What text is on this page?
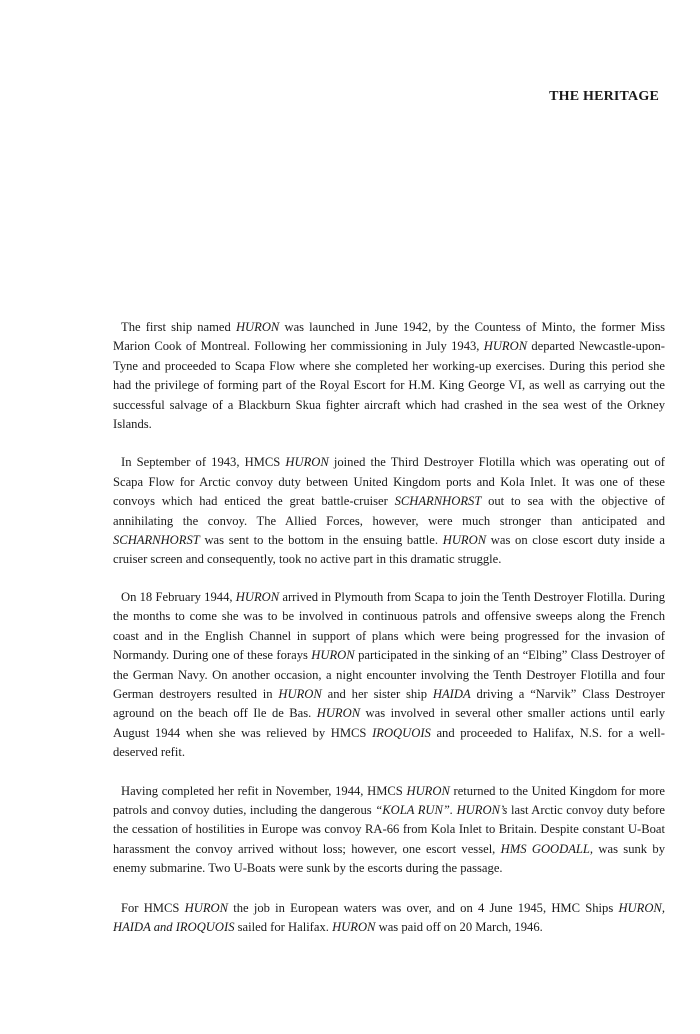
THE HERITAGE

The first ship named HURON was launched in June 1942, by the Countess of Minto, the former Miss Marion Cook of Montreal. Following her commissioning in July 1943, HURON departed Newcastle-upon-Tyne and proceeded to Scapa Flow where she completed her working-up exercises. During this period she had the privilege of forming part of the Royal Escort for H.M. King George VI, as well as carrying out the successful salvage of a Blackburn Skua fighter aircraft which had crashed in the sea west of the Orkney Islands.

In September of 1943, HMCS HURON joined the Third Destroyer Flotilla which was operating out of Scapa Flow for Arctic convoy duty between United Kingdom ports and Kola Inlet. It was one of these convoys which had enticed the great battle-cruiser SCHARNHORST out to sea with the objective of annihilating the convoy. The Allied Forces, however, were much stronger than anticipated and SCHARNHORST was sent to the bottom in the ensuing battle. HURON was on close escort duty inside a cruiser screen and consequently, took no active part in this dramatic struggle.

On 18 February 1944, HURON arrived in Plymouth from Scapa to join the Tenth Destroyer Flotilla. During the months to come she was to be involved in continuous patrols and offensive sweeps along the French coast and in the English Channel in support of plans which were being progressed for the invasion of Normandy. During one of these forays HURON participated in the sinking of an “Elbing” Class Destroyer of the German Navy. On another occasion, a night encounter involving the Tenth Destroyer Flotilla and four German destroyers resulted in HURON and her sister ship HAIDA driving a “Narvik” Class Destroyer aground on the beach off Ile de Bas. HURON was involved in several other smaller actions until early August 1944 when she was relieved by HMCS IROQUOIS and proceeded to Halifax, N.S. for a well-deserved refit.

Having completed her refit in November, 1944, HMCS HURON returned to the United Kingdom for more patrols and convoy duties, including the dangerous “KOLA RUN”. HURON’s last Arctic convoy duty before the cessation of hostilities in Europe was convoy RA-66 from Kola Inlet to Britain. Despite constant U-Boat harassment the convoy arrived without loss; however, one escort vessel, HMS GOODALL, was sunk by enemy submarine. Two U-Boats were sunk by the escorts during the passage.

For HMCS HURON the job in European waters was over, and on 4 June 1945, HMC Ships HURON, HAIDA and IROQUOIS sailed for Halifax. HURON was paid off on 20 March, 1946.
